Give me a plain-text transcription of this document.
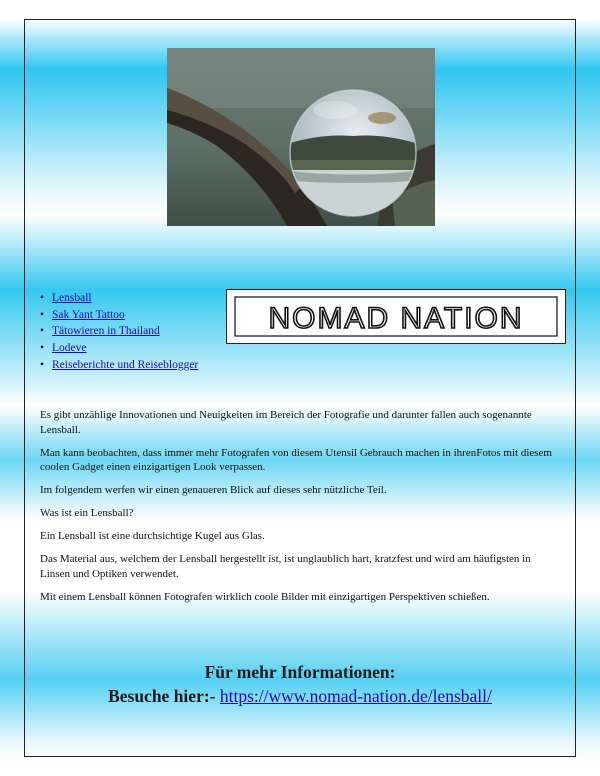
• Lensball
• Sak Yant Tattoo
• Tätowieren in Thailand
• Lodeve
• Reiseberichte und Reiseblogger
NOMAD NATION

Es gibt unzählige Innovationen und Neuigkeiten im Bereich der Fotografie und darunter fallen auch sogenannte Lensball.

Man kann beobachten, dass immer mehr Fotografen von diesem Utensil Gebrauch machen in ihrenFotos mit diesem coolen Gadget einen einzigartigen Look verpassen.

Im folgendem werfen wir einen genaueren Blick auf dieses sehr nützliche Teil.

Was ist ein Lensball?

Ein Lensball ist eine durchsichtige Kugel aus Glas.

Das Material aus, welchem der Lensball hergestellt ist, ist unglaublich hart, kratzfest und wird am häufigsten in Linsen und Optiken verwendet.

Mit einem Lensball können Fotografen wirklich coole Bilder mit einzigartigen Perspektiven schießen.

Für mehr Informationen:
Besuche hier:- https://www.nomad-nation.de/lensball/
